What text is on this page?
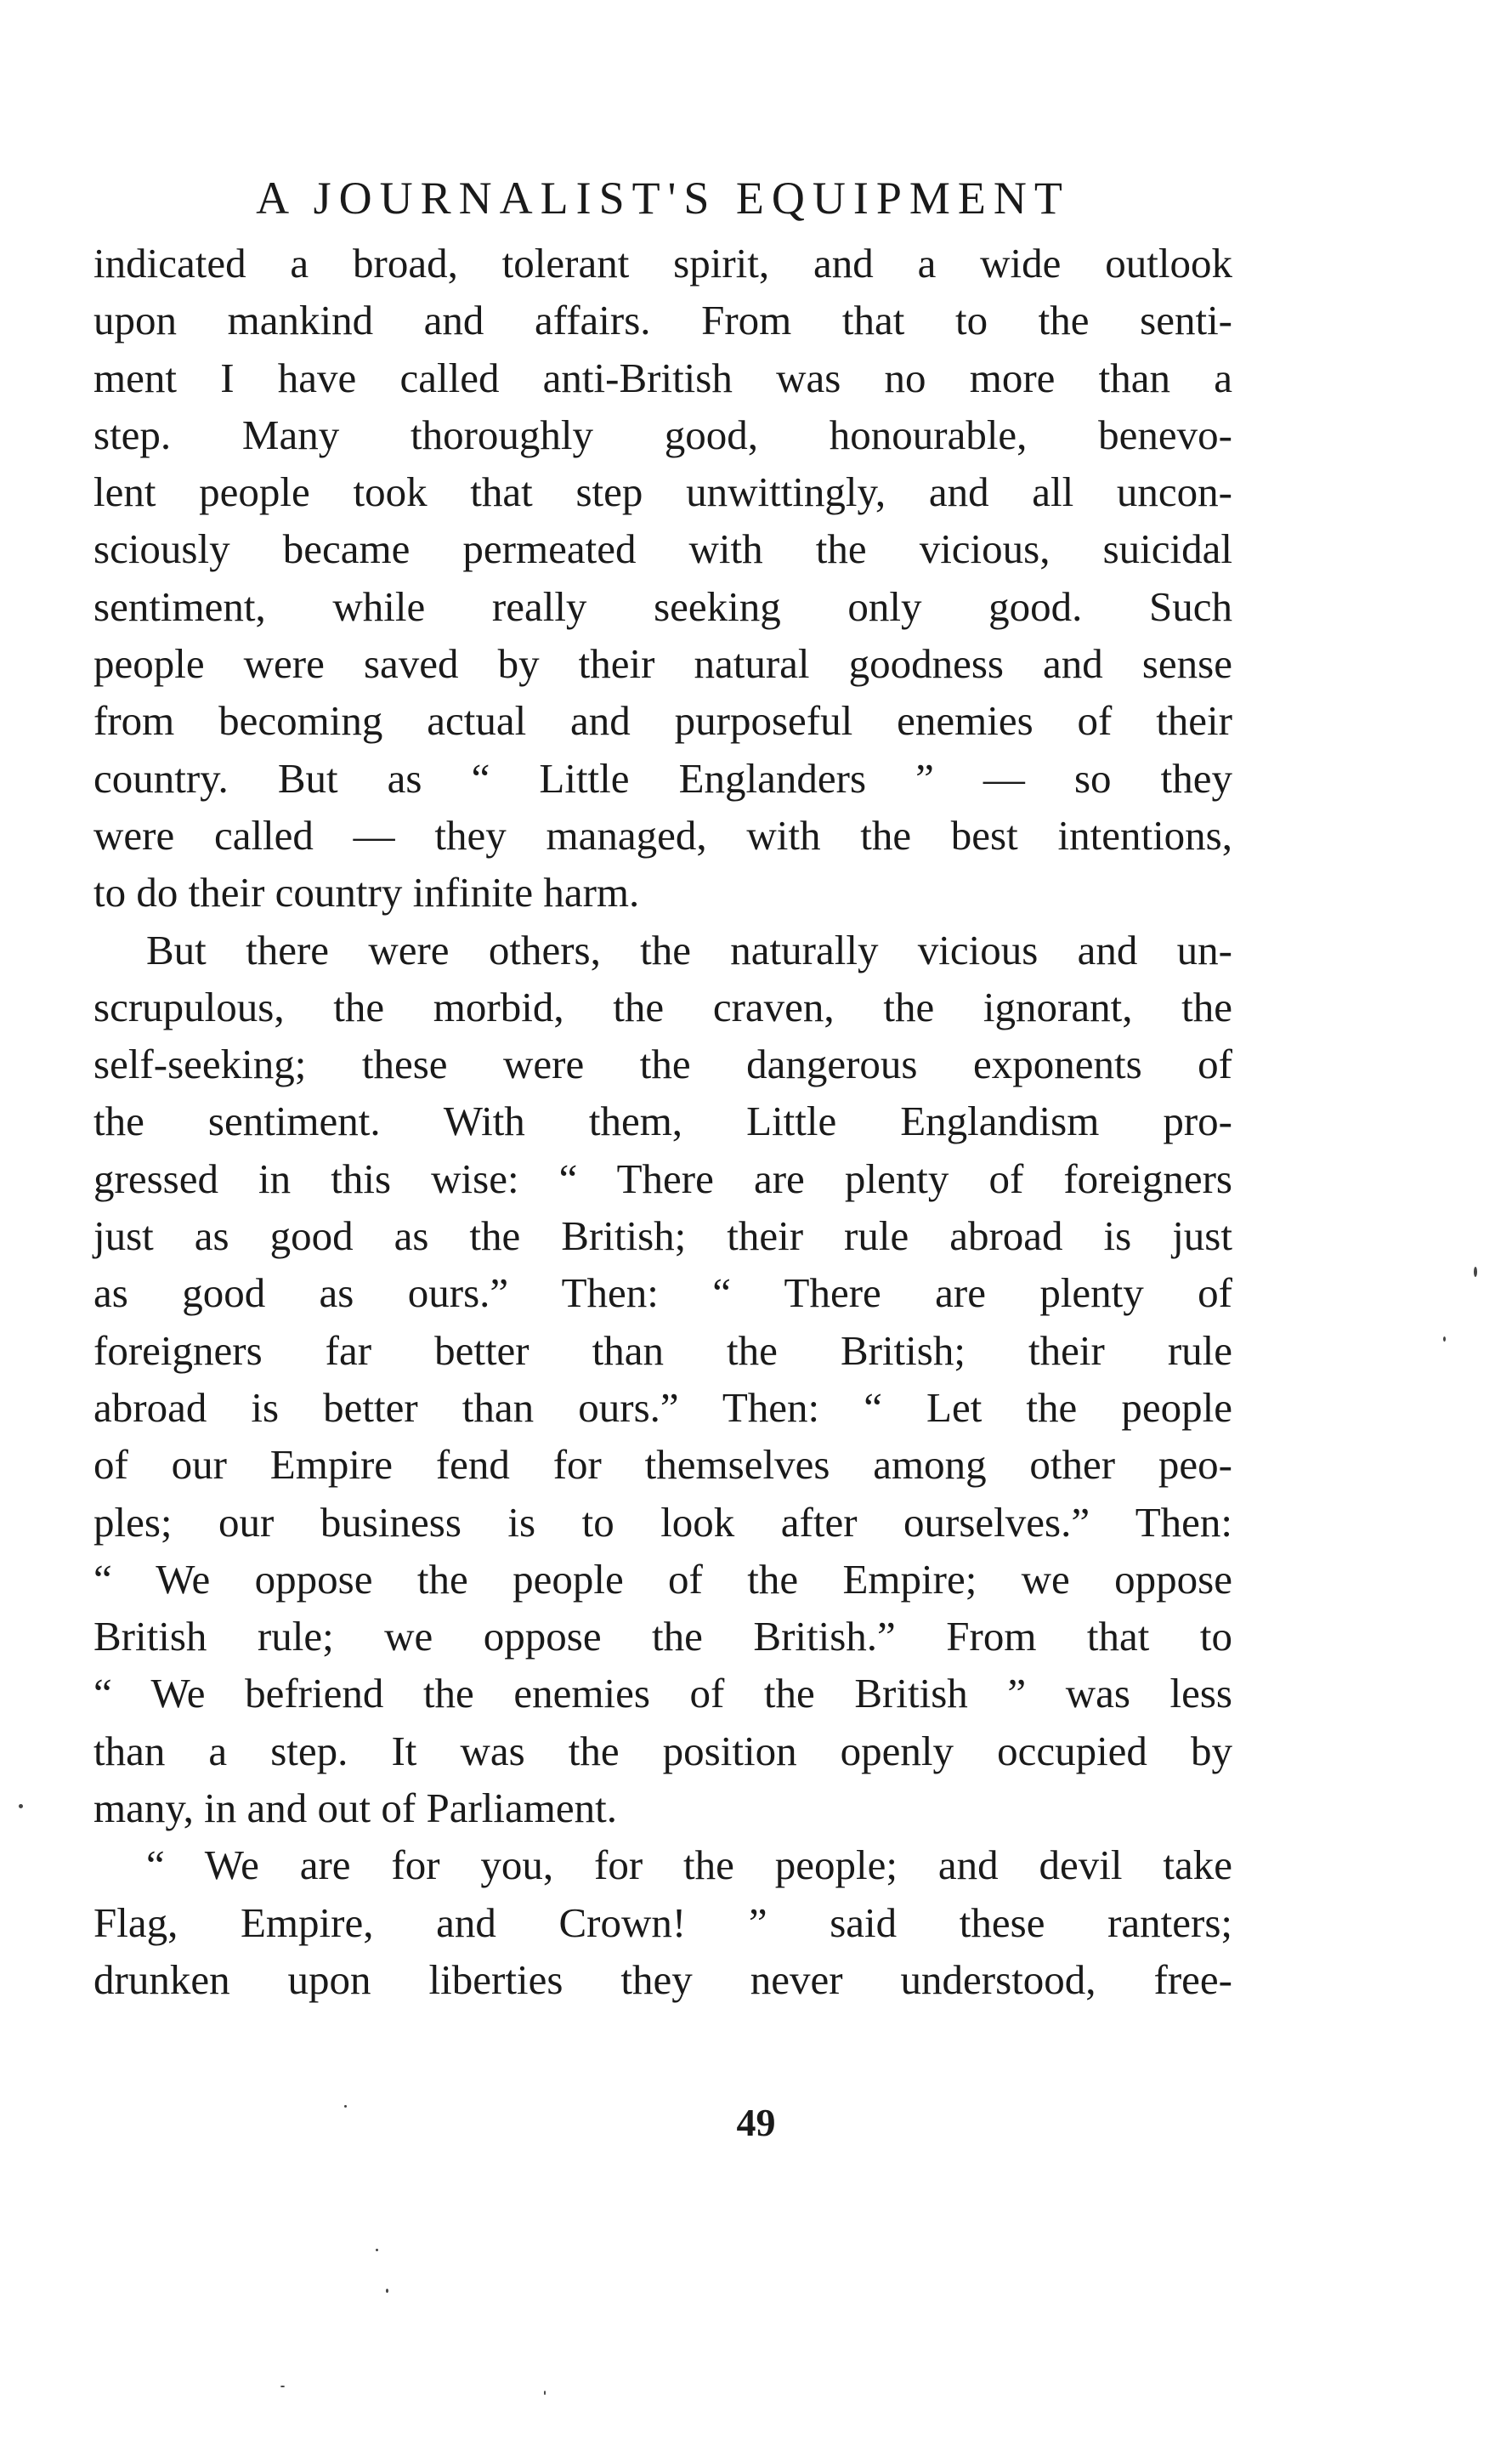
A JOURNALIST'S EQUIPMENT
indicated a broad, tolerant spirit, and a wide outlook
upon mankind and affairs. From that to the senti-
ment I have called anti-British was no more than a
step. Many thoroughly good, honourable, benevo-
lent people took that step unwittingly, and all uncon-
sciously became permeated with the vicious, suicidal
sentiment, while really seeking only good. Such
people were saved by their natural goodness and sense
from becoming actual and purposeful enemies of their
country. But as “ Little Englanders ” — so they
were called — they managed, with the best intentions,
to do their country infinite harm.
But there were others, the naturally vicious and un-
scrupulous, the morbid, the craven, the ignorant, the
self-seeking; these were the dangerous exponents of
the sentiment. With them, Little Englandism pro-
gressed in this wise: “ There are plenty of foreigners
just as good as the British; their rule abroad is just
as good as ours.” Then: “ There are plenty of
foreigners far better than the British; their rule
abroad is better than ours.” Then: “ Let the people
of our Empire fend for themselves among other peo-
ples; our business is to look after ourselves.” Then:
“ We oppose the people of the Empire; we oppose
British rule; we oppose the British.” From that to
“ We befriend the enemies of the British ” was less
than a step. It was the position openly occupied by
many, in and out of Parliament.
“ We are for you, for the people; and devil take
Flag, Empire, and Crown! ” said these ranters;
drunken upon liberties they never understood, free-
49
